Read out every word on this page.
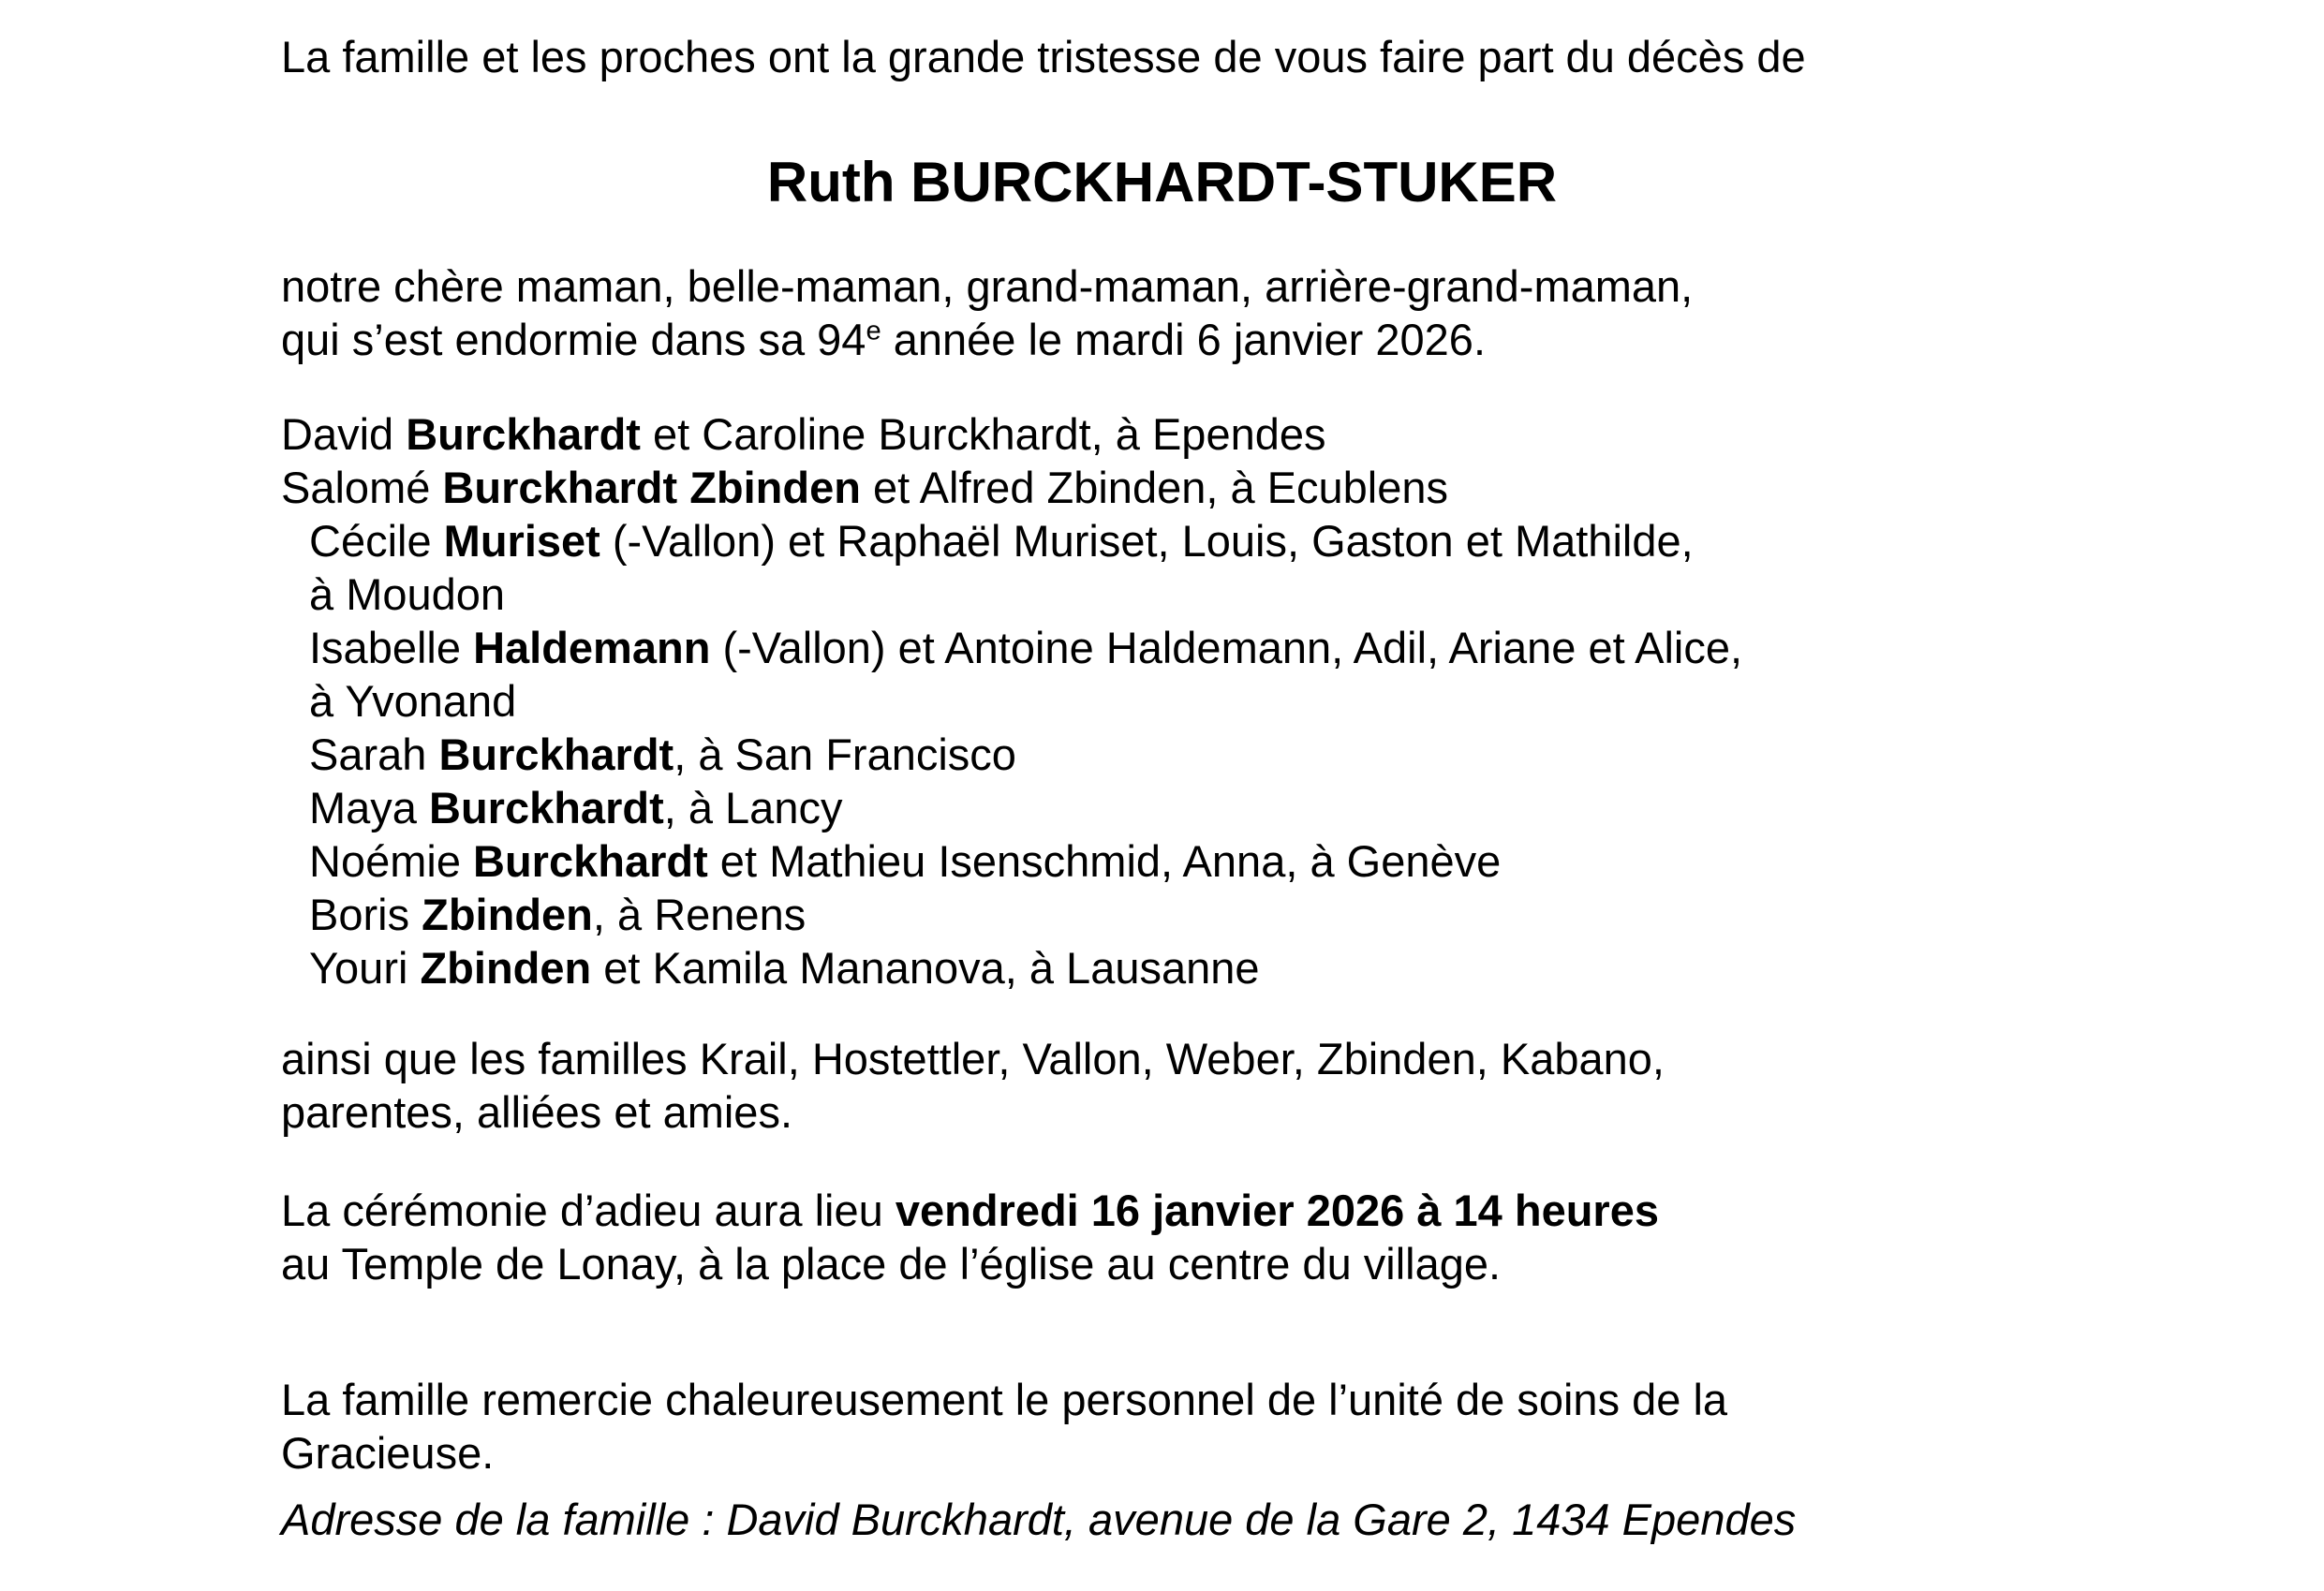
La famille et les proches ont la grande tristesse de vous faire part du décès de

Ruth BURCKHARDT-STUKER
notre chère maman, belle-maman, grand-maman, arrière-grand-maman,
qui s’est endormie dans sa 94e année le mardi 6 janvier 2026.
David Burckhardt et Caroline Burckhardt, à Ependes
Salomé Burckhardt Zbinden et Alfred Zbinden, à Ecublens
Cécile Muriset (-Vallon) et Raphaël Muriset, Louis, Gaston et Mathilde,
à Moudon
Isabelle Haldemann (-Vallon) et Antoine Haldemann, Adil, Ariane et Alice,
à Yvonand
Sarah Burckhardt, à San Francisco
Maya Burckhardt, à Lancy
Noémie Burckhardt et Mathieu Isenschmid, Anna, à Genève
Boris Zbinden, à Renens
Youri Zbinden et Kamila Mananova, à Lausanne
ainsi que les familles Krail, Hostettler, Vallon, Weber, Zbinden, Kabano,
parentes, alliées et amies.
La cérémonie d’adieu aura lieu vendredi 16 janvier 2026 à 14 heures
au Temple de Lonay, à la place de l’église au centre du village.
La famille remercie chaleureusement le personnel de l’unité de soins de la
Gracieuse.

Adresse de la famille : David Burckhardt, avenue de la Gare 2, 1434 Ependes
